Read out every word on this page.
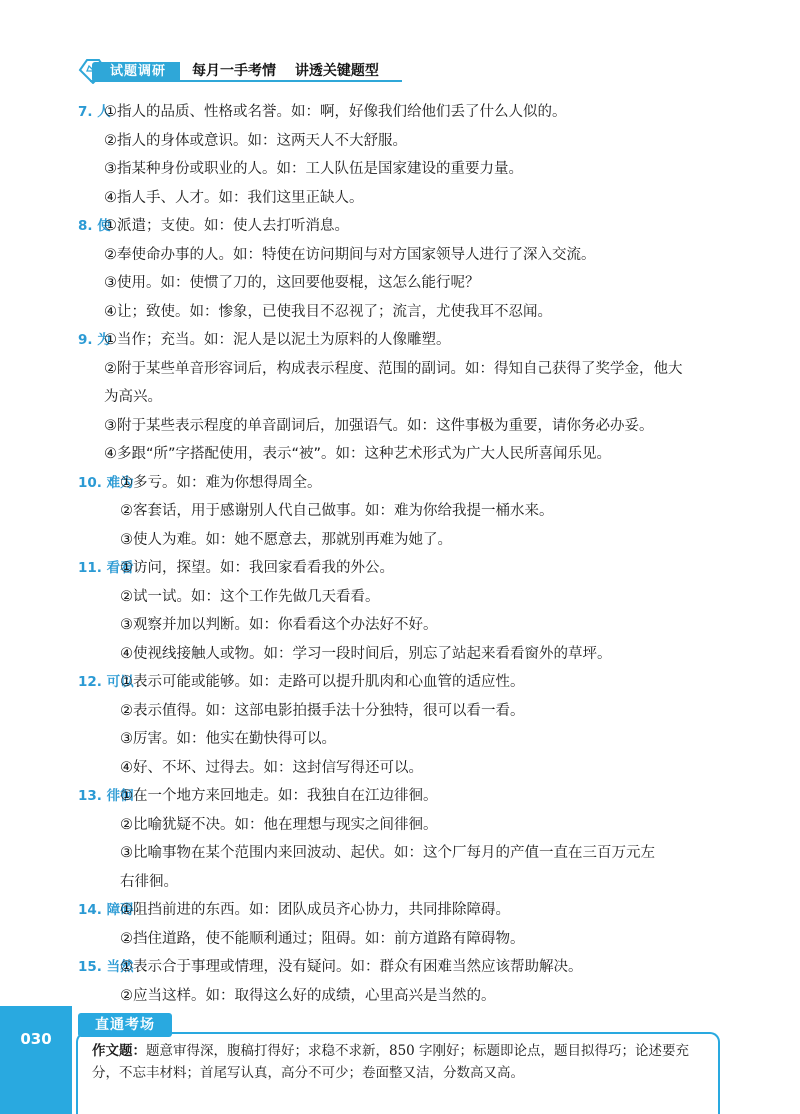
试题调研 每月一手考情 讲透关键题型
7. 人
①指人的品质、性格或名誉。如：啊，好像我们给他们丢了什么人似的。
②指人的身体或意识。如：这两天人不大舒服。
③指某种身份或职业的人。如：工人队伍是国家建设的重要力量。
④指人手、人才。如：我们这里正缺人。
8. 使
①派遣；支使。如：使人去打听消息。
②奉使命办事的人。如：特使在访问期间与对方国家领导人进行了深入交流。
③使用。如：使惯了刀的，这回要他耍棍，这怎么能行呢？
④让；致使。如：惨象，已使我目不忍视了；流言，尤使我耳不忍闻。
9. 为
①当作；充当。如：泥人是以泥土为原料的人像雕塑。
②附于某些单音形容词后，构成表示程度、范围的副词。如：得知自己获得了奖学金，他大
为高兴。
③附于某些表示程度的单音副词后，加强语气。如：这件事极为重要，请你务必办妥。
④多跟“所”字搭配使用，表示“被”。如：这种艺术形式为广大人民所喜闻乐见。
10. 难为
①多亏。如：难为你想得周全。
②客套话，用于感谢别人代自己做事。如：难为你给我提一桶水来。
③使人为难。如：她不愿意去，那就别再难为她了。
11. 看看
①访问，探望。如：我回家看看我的外公。
②试一试。如：这个工作先做几天看看。
③观察并加以判断。如：你看看这个办法好不好。
④使视线接触人或物。如：学习一段时间后，别忘了站起来看看窗外的草坪。
12. 可以
①表示可能或能够。如：走路可以提升肌肉和心血管的适应性。
②表示值得。如：这部电影拍摄手法十分独特，很可以看一看。
③厉害。如：他实在勤快得可以。
④好、不坏、过得去。如：这封信写得还可以。
13. 徘徊
①在一个地方来回地走。如：我独自在江边徘徊。
②比喻犹疑不决。如：他在理想与现实之间徘徊。
③比喻事物在某个范围内来回波动、起伏。如：这个厂每月的产值一直在三百万元左
右徘徊。
14. 障碍
①阻挡前进的东西。如：团队成员齐心协力，共同排除障碍。
②挡住道路，使不能顺利通过；阻碍。如：前方道路有障碍物。
15. 当然
①表示合于事理或情理，没有疑问。如：群众有困难当然应该帮助解决。
②应当这样。如：取得这么好的成绩，心里高兴是当然的。
030
直通考场
作文题：题意审得深，腹稿打得好；求稳不求新，850 字刚好；标题即论点，题目拟得巧；论述要充分，不忘丰材料；首尾写认真，高分不可少；卷面整又洁，分数高又高。
